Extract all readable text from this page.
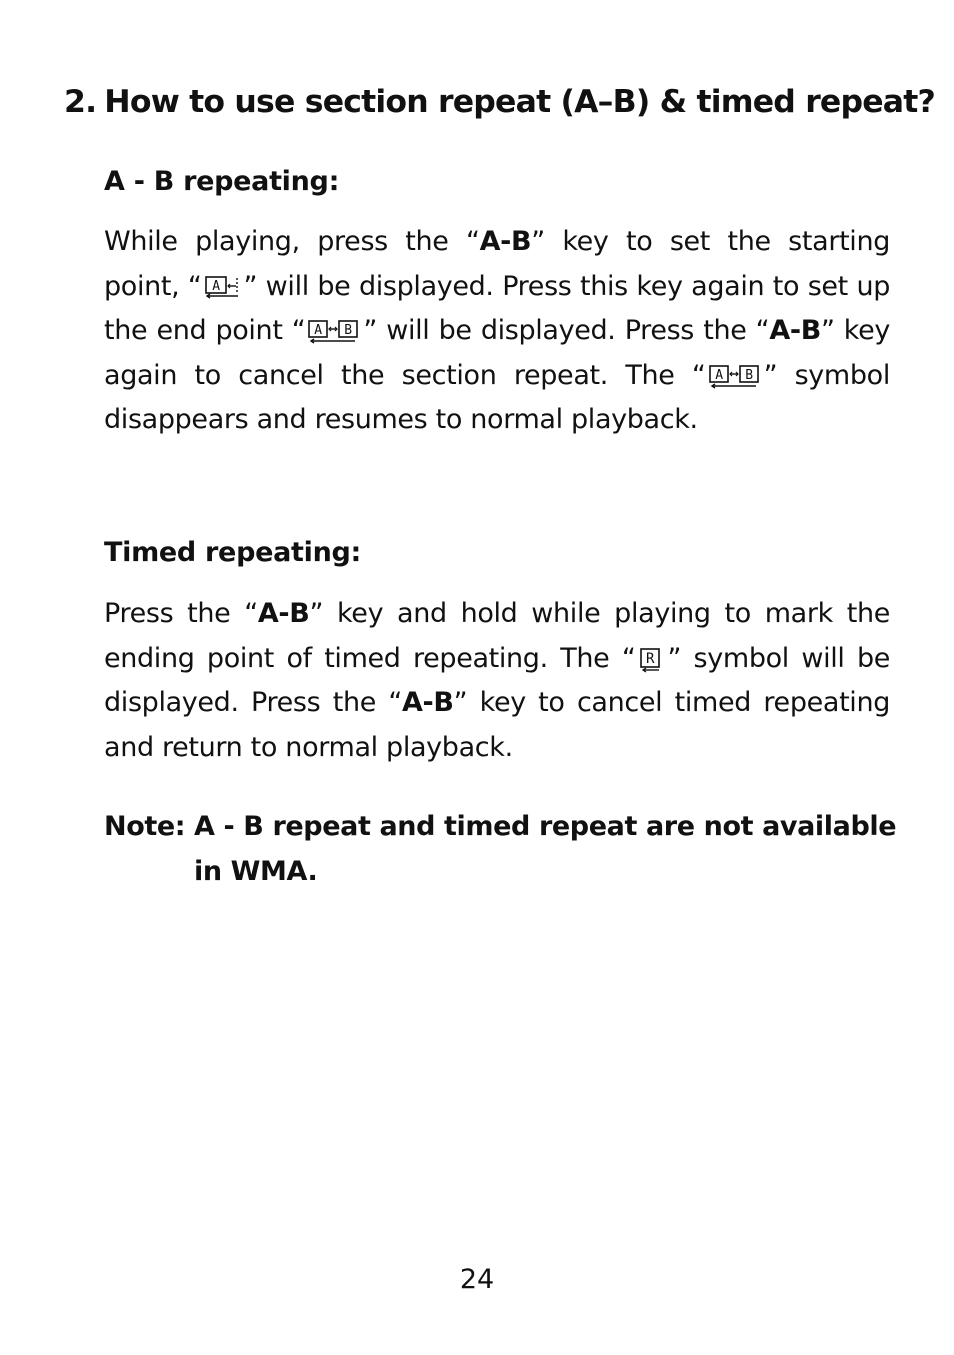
2. How to use section repeat (A–B) & timed repeat?
A - B repeating:
While playing, press the “A-B” key to set the starting point, “ A ” will be displayed. Press this key again to set up the end point “ A B ” will be displayed. Press the “A-B” key again to cancel the section repeat. The “ A B ” symbol disappears and resumes to normal playback.
Timed repeating:
Press the “A-B” key and hold while playing to mark the ending point of timed repeating. The “ R ” symbol will be displayed. Press the “A-B” key to cancel timed repeating and return to normal playback.
Note: A - B repeat and timed repeat are not available
in WMA.
24
